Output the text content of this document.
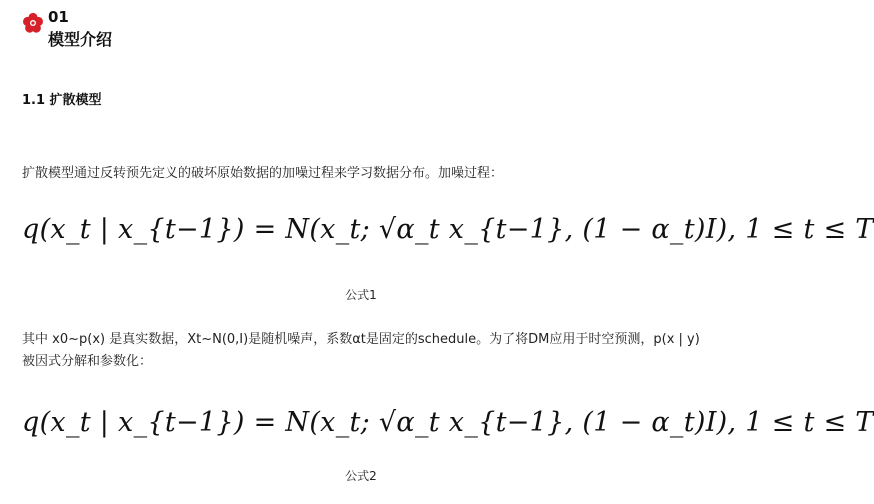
01
模型介绍
1.1 扩散模型
扩散模型通过反转预先定义的破坏原始数据的加噪过程来学习数据分布。加噪过程：
q(x_t | x_{t−1}) = N(x_t; √α_t x_{t−1}, (1 − α_t)I), 1 ≤ t ≤ T
公式1
其中 x0~p(x) 是真实数据，Xt~N(0,I)是随机噪声，系数αt是固定的schedule。为了将DM应用于时空预测，p(x | y)被因式分解和参数化：
q(x_t | x_{t−1}) = N(x_t; √α_t x_{t−1}, (1 − α_t)I), 1 ≤ t ≤ T
公式2
